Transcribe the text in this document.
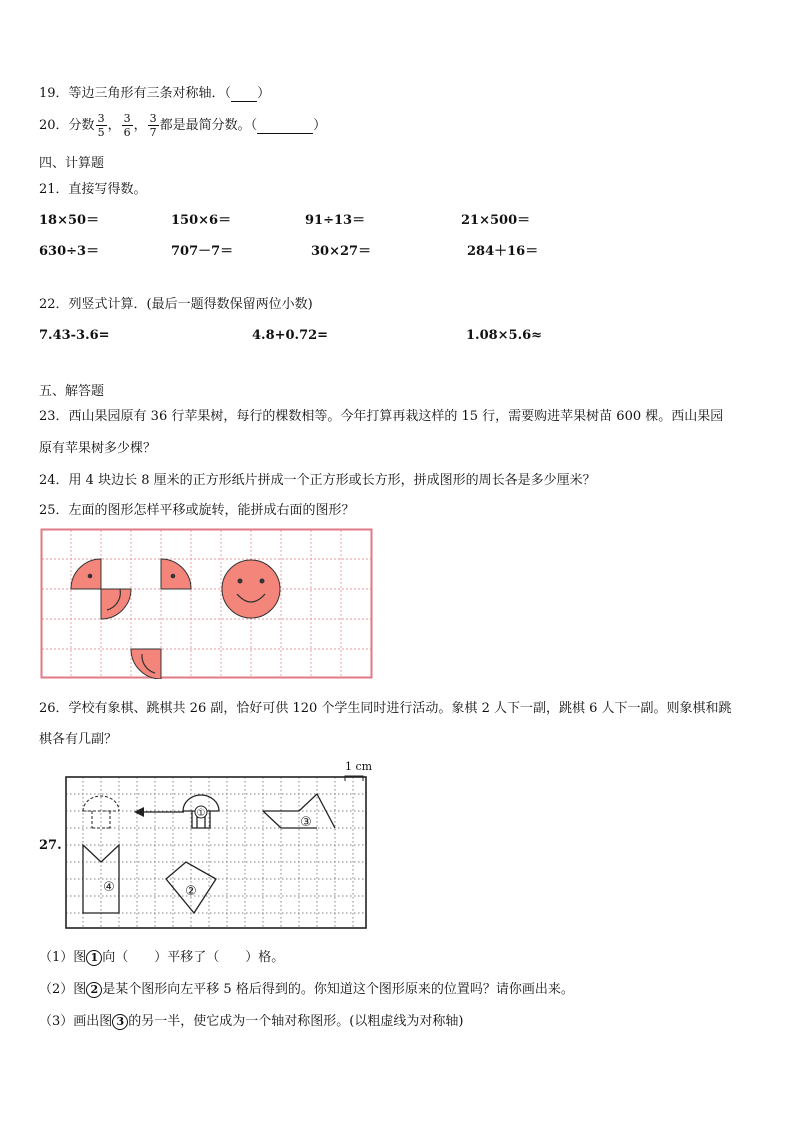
19．等边三角形有三条对称轴．（ ）
20．分数 $\frac{3}{5}$ ， $\frac{3}{6}$ ， $\frac{3}{7}$ 都是最简分数。（	）
四、计算题
21．直接写得数。
18×50＝	150×6＝	91÷13＝	21×500＝
630÷3＝	707－7＝	30×27＝	284＋16＝
22．列竖式计算．(最后一题得数保留两位小数)
7.43-3.6=	4.8+0.72=	1.08×5.6≈
五、解答题
23．西山果园原有 36 行苹果树，每行的棵数相等。今年打算再栽这样的 15 行，需要购进苹果树苗 600 棵。西山果园
原有苹果树多少棵？
24．用 4 块边长 8 厘米的正方形纸片拼成一个正方形或长方形，拼成图形的周长各是多少厘米？
25．左面的图形怎样平移或旋转，能拼成右面的图形？
26．学校有象棋、跳棋共 26 副，恰好可供 120 个学生同时进行活动。象棋 2 人下一副，跳棋 6 人下一副。则象棋和跳
棋各有几副？
27.
1 cm
①
③
④	②
（1）图 1 向（　　）平移了（　　）格。
（2）图 2 是某个图形向左平移 5 格后得到的。你知道这个图形原来的位置吗？请你画出来。
（3）画出图 3 的另一半，使它成为一个轴对称图形。(以粗虚线为对称轴)
